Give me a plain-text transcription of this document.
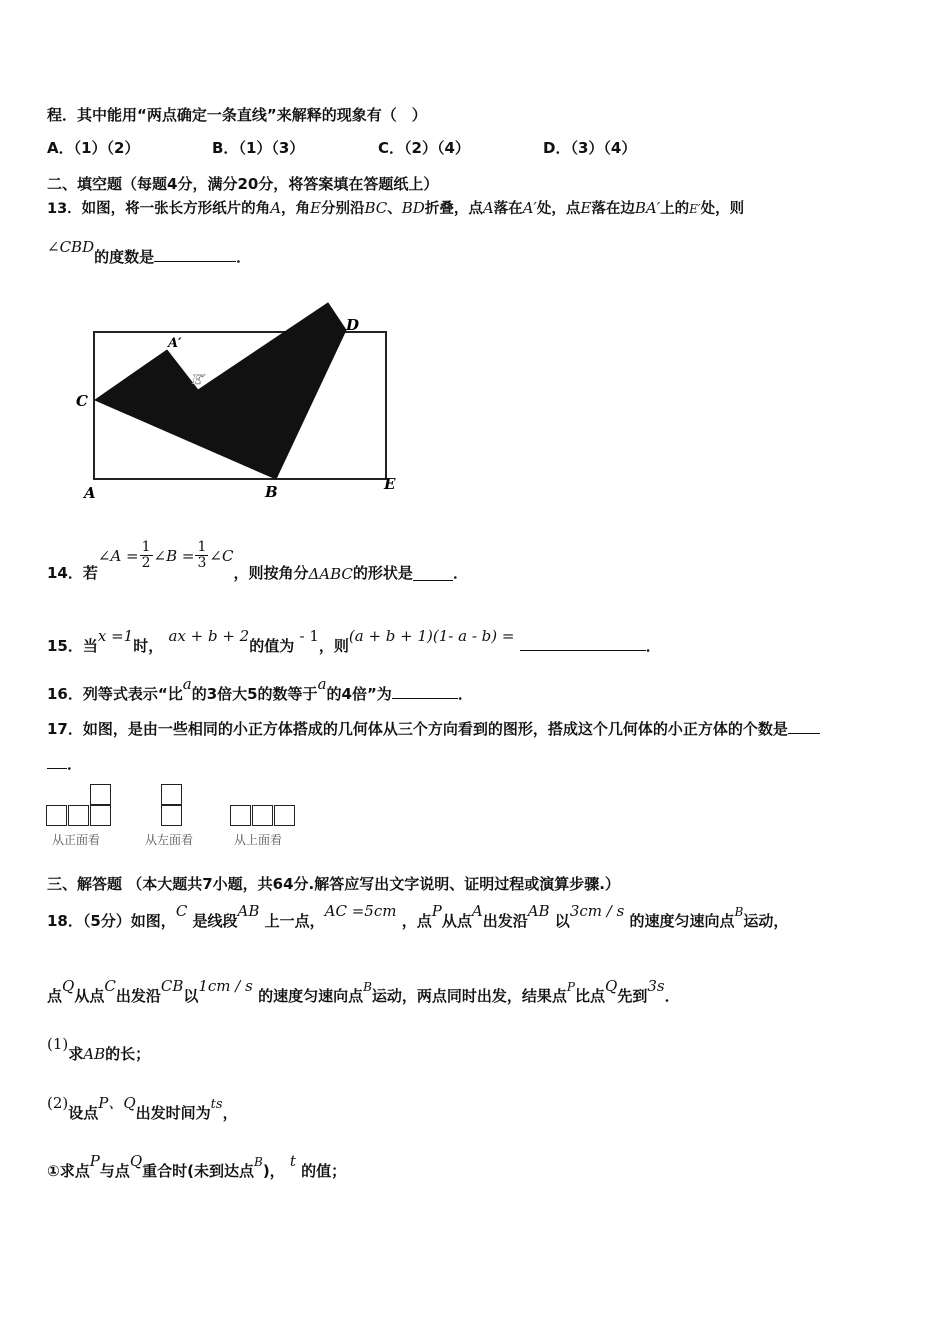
程．其中能用“两点确定一条直线”来解释的现象有（　）
A．（1）（2）	B．（1）（3）	C．（2）（4）	D．（3）（4）
二、填空题（每题4分，满分20分，将答案填在答题纸上）
13．如图，将一张长方形纸片的角A，角E分别沿BC、BD折叠，点A落在A′处，点E落在边BA′上的E′处，则
∠CBD的度数是	．
A	B
C
D
E
A′
E′
14．若
∠A = $\frac{1}{2}$ ∠B = $\frac{1}{3}$ ∠C
，则按角分 ΔABC 的形状是	．
15．当x =1时， ax + b + 2的值为 - 1，则(a + b + 1)(1- a - b) = ．
16．列等式表示“比a的3倍大5的数等于a的4倍”为	．
17．如图，是由一些相同的小正方体搭成的几何体从三个方向看到的图形，搭成这个几何体的小正方体的个数是
．
从正面看	从左面看	从上面看
三、解答题 （本大题共7小题，共64分.解答应写出文字说明、证明过程或演算步骤.）
18．（5分）如图，C 是线段AB 上一点，AC =5cm ，点P从点A出发沿AB 以3cm / s 的速度匀速向点$^B$运动，
点Q从点C出发沿CB以1cm / s 的速度匀速向点$^B$运动，两点同时出发，结果点$^P$比点Q先到3s．
(1)求AB的长；
(2)设点P、Q出发时间为ts，
①求点P与点Q重合时(未到达点$^B$)， t 的值；
